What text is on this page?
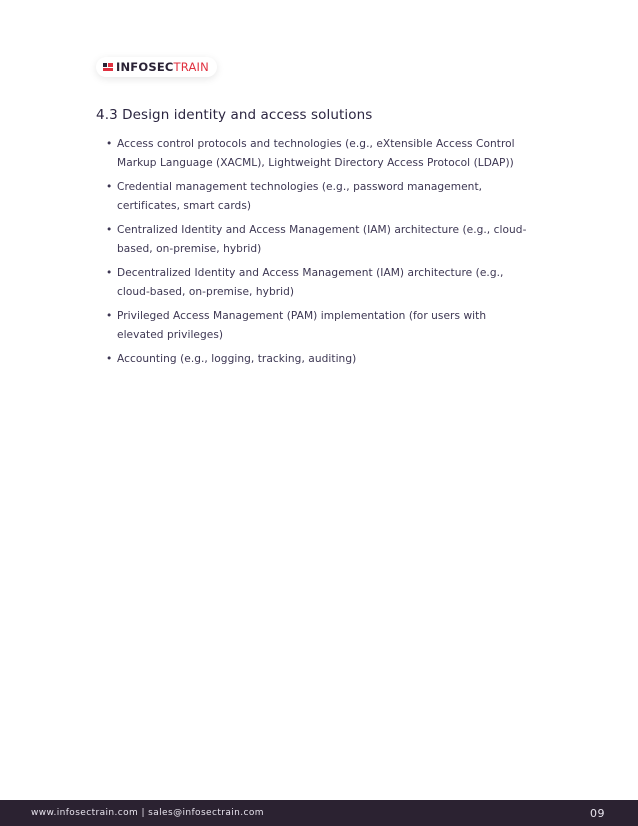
INFOSECTRAIN
4.3 Design identity and access solutions
• Access control protocols and technologies (e.g., eXtensible Access Control Markup Language (XACML), Lightweight Directory Access Protocol (LDAP))
• Credential management technologies (e.g., password management, certificates, smart cards)
• Centralized Identity and Access Management (IAM) architecture (e.g., cloud-based, on-premise, hybrid)
• Decentralized Identity and Access Management (IAM) architecture (e.g., cloud-based, on-premise, hybrid)
• Privileged Access Management (PAM) implementation (for users with elevated privileges)
• Accounting (e.g., logging, tracking, auditing)
www.infosectrain.com | sales@infosectrain.com	09
